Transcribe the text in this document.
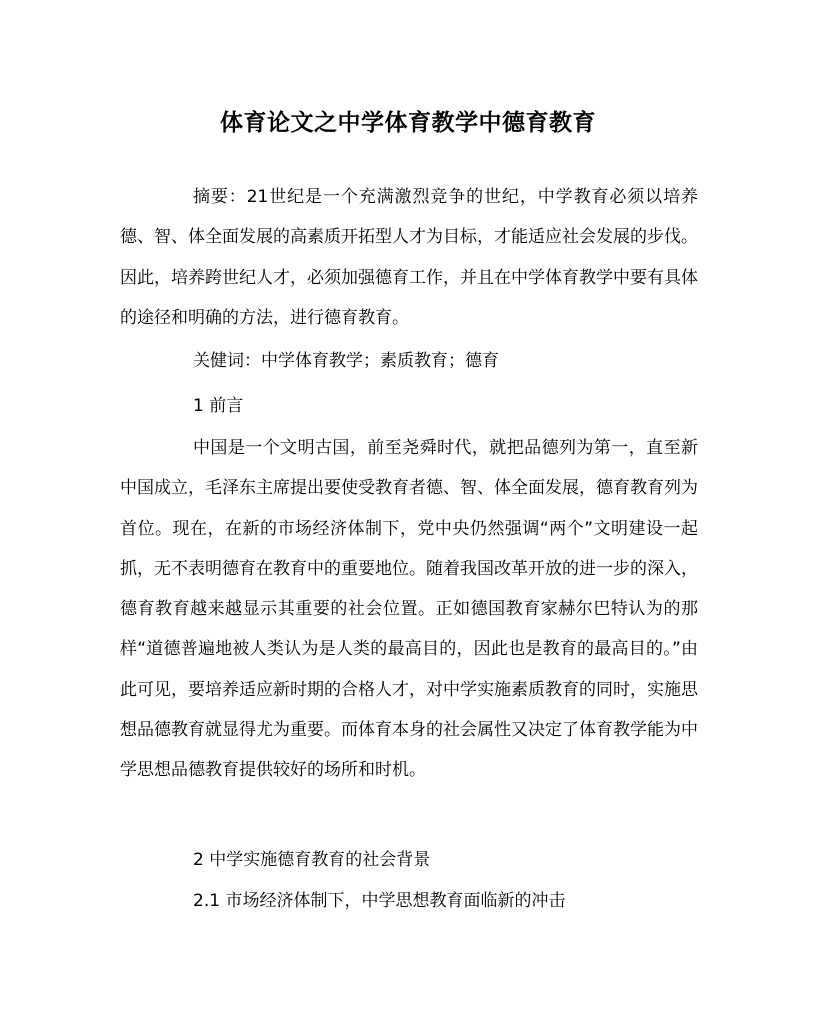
体育论文之中学体育教学中德育教育

摘要：21世纪是一个充满激烈竞争的世纪，中学教育必须以培养德、智、体全面发展的高素质开拓型人才为目标，才能适应社会发展的步伐。因此，培养跨世纪人才，必须加强德育工作，并且在中学体育教学中要有具体的途径和明确的方法，进行德育教育。

关健词：中学体育教学；素质教育；德育

1 前言

中国是一个文明古国，前至尧舜时代，就把品德列为第一，直至新中国成立，毛泽东主席提出要使受教育者德、智、体全面发展，德育教育列为首位。现在，在新的市场经济体制下，党中央仍然强调“两个”文明建设一起抓，无不表明德育在教育中的重要地位。随着我国改革开放的进一步的深入，德育教育越来越显示其重要的社会位置。正如德国教育家赫尔巴特认为的那样“道德普遍地被人类认为是人类的最高目的，因此也是教育的最高目的。”由此可见，要培养适应新时期的合格人才，对中学实施素质教育的同时，实施思想品德教育就显得尤为重要。而体育本身的社会属性又决定了体育教学能为中学思想品德教育提供较好的场所和时机。

2 中学实施德育教育的社会背景

2.1 市场经济体制下，中学思想教育面临新的冲击
